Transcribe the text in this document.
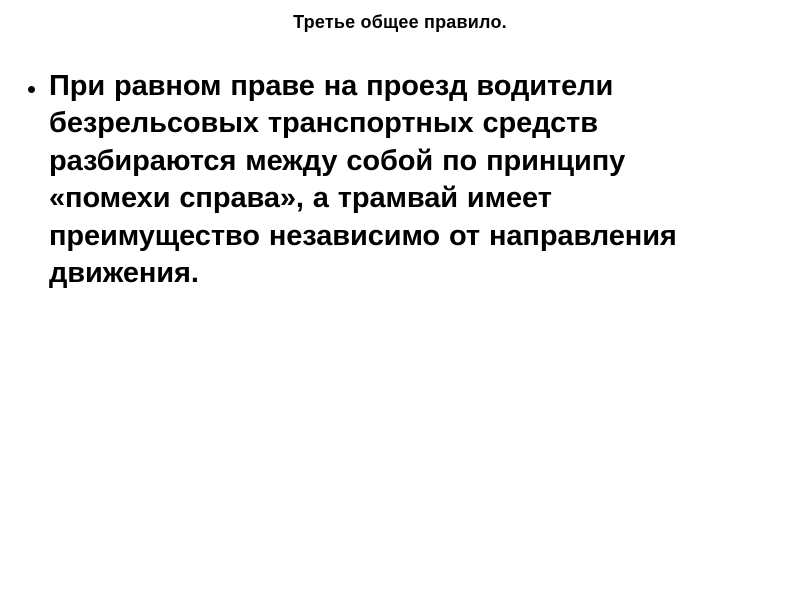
Третье общее правило.
При равном праве на проезд водители безрельсовых транспортных средств разбираются между собой по принципу «помехи справа», а трамвай имеет преимущество независимо от направления движения.
